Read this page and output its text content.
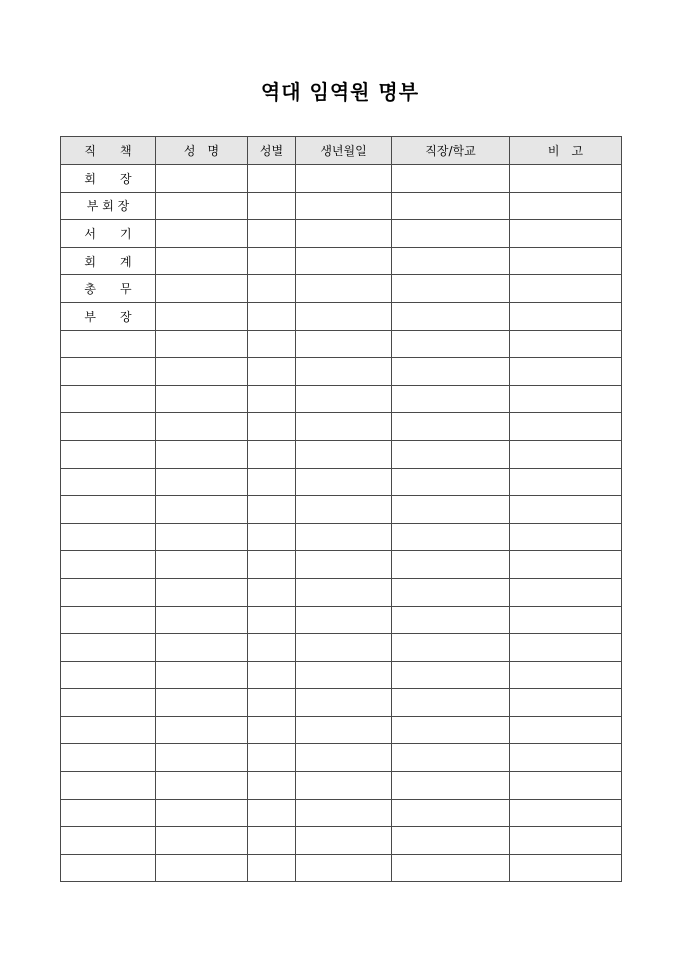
역대 임역원 명부
직　　책	성　명	성별	생년월일	직장/학교	비　고
회　　장					
부 회 장					
서　　기					
회　　계					
총　　무					
부　　장					
